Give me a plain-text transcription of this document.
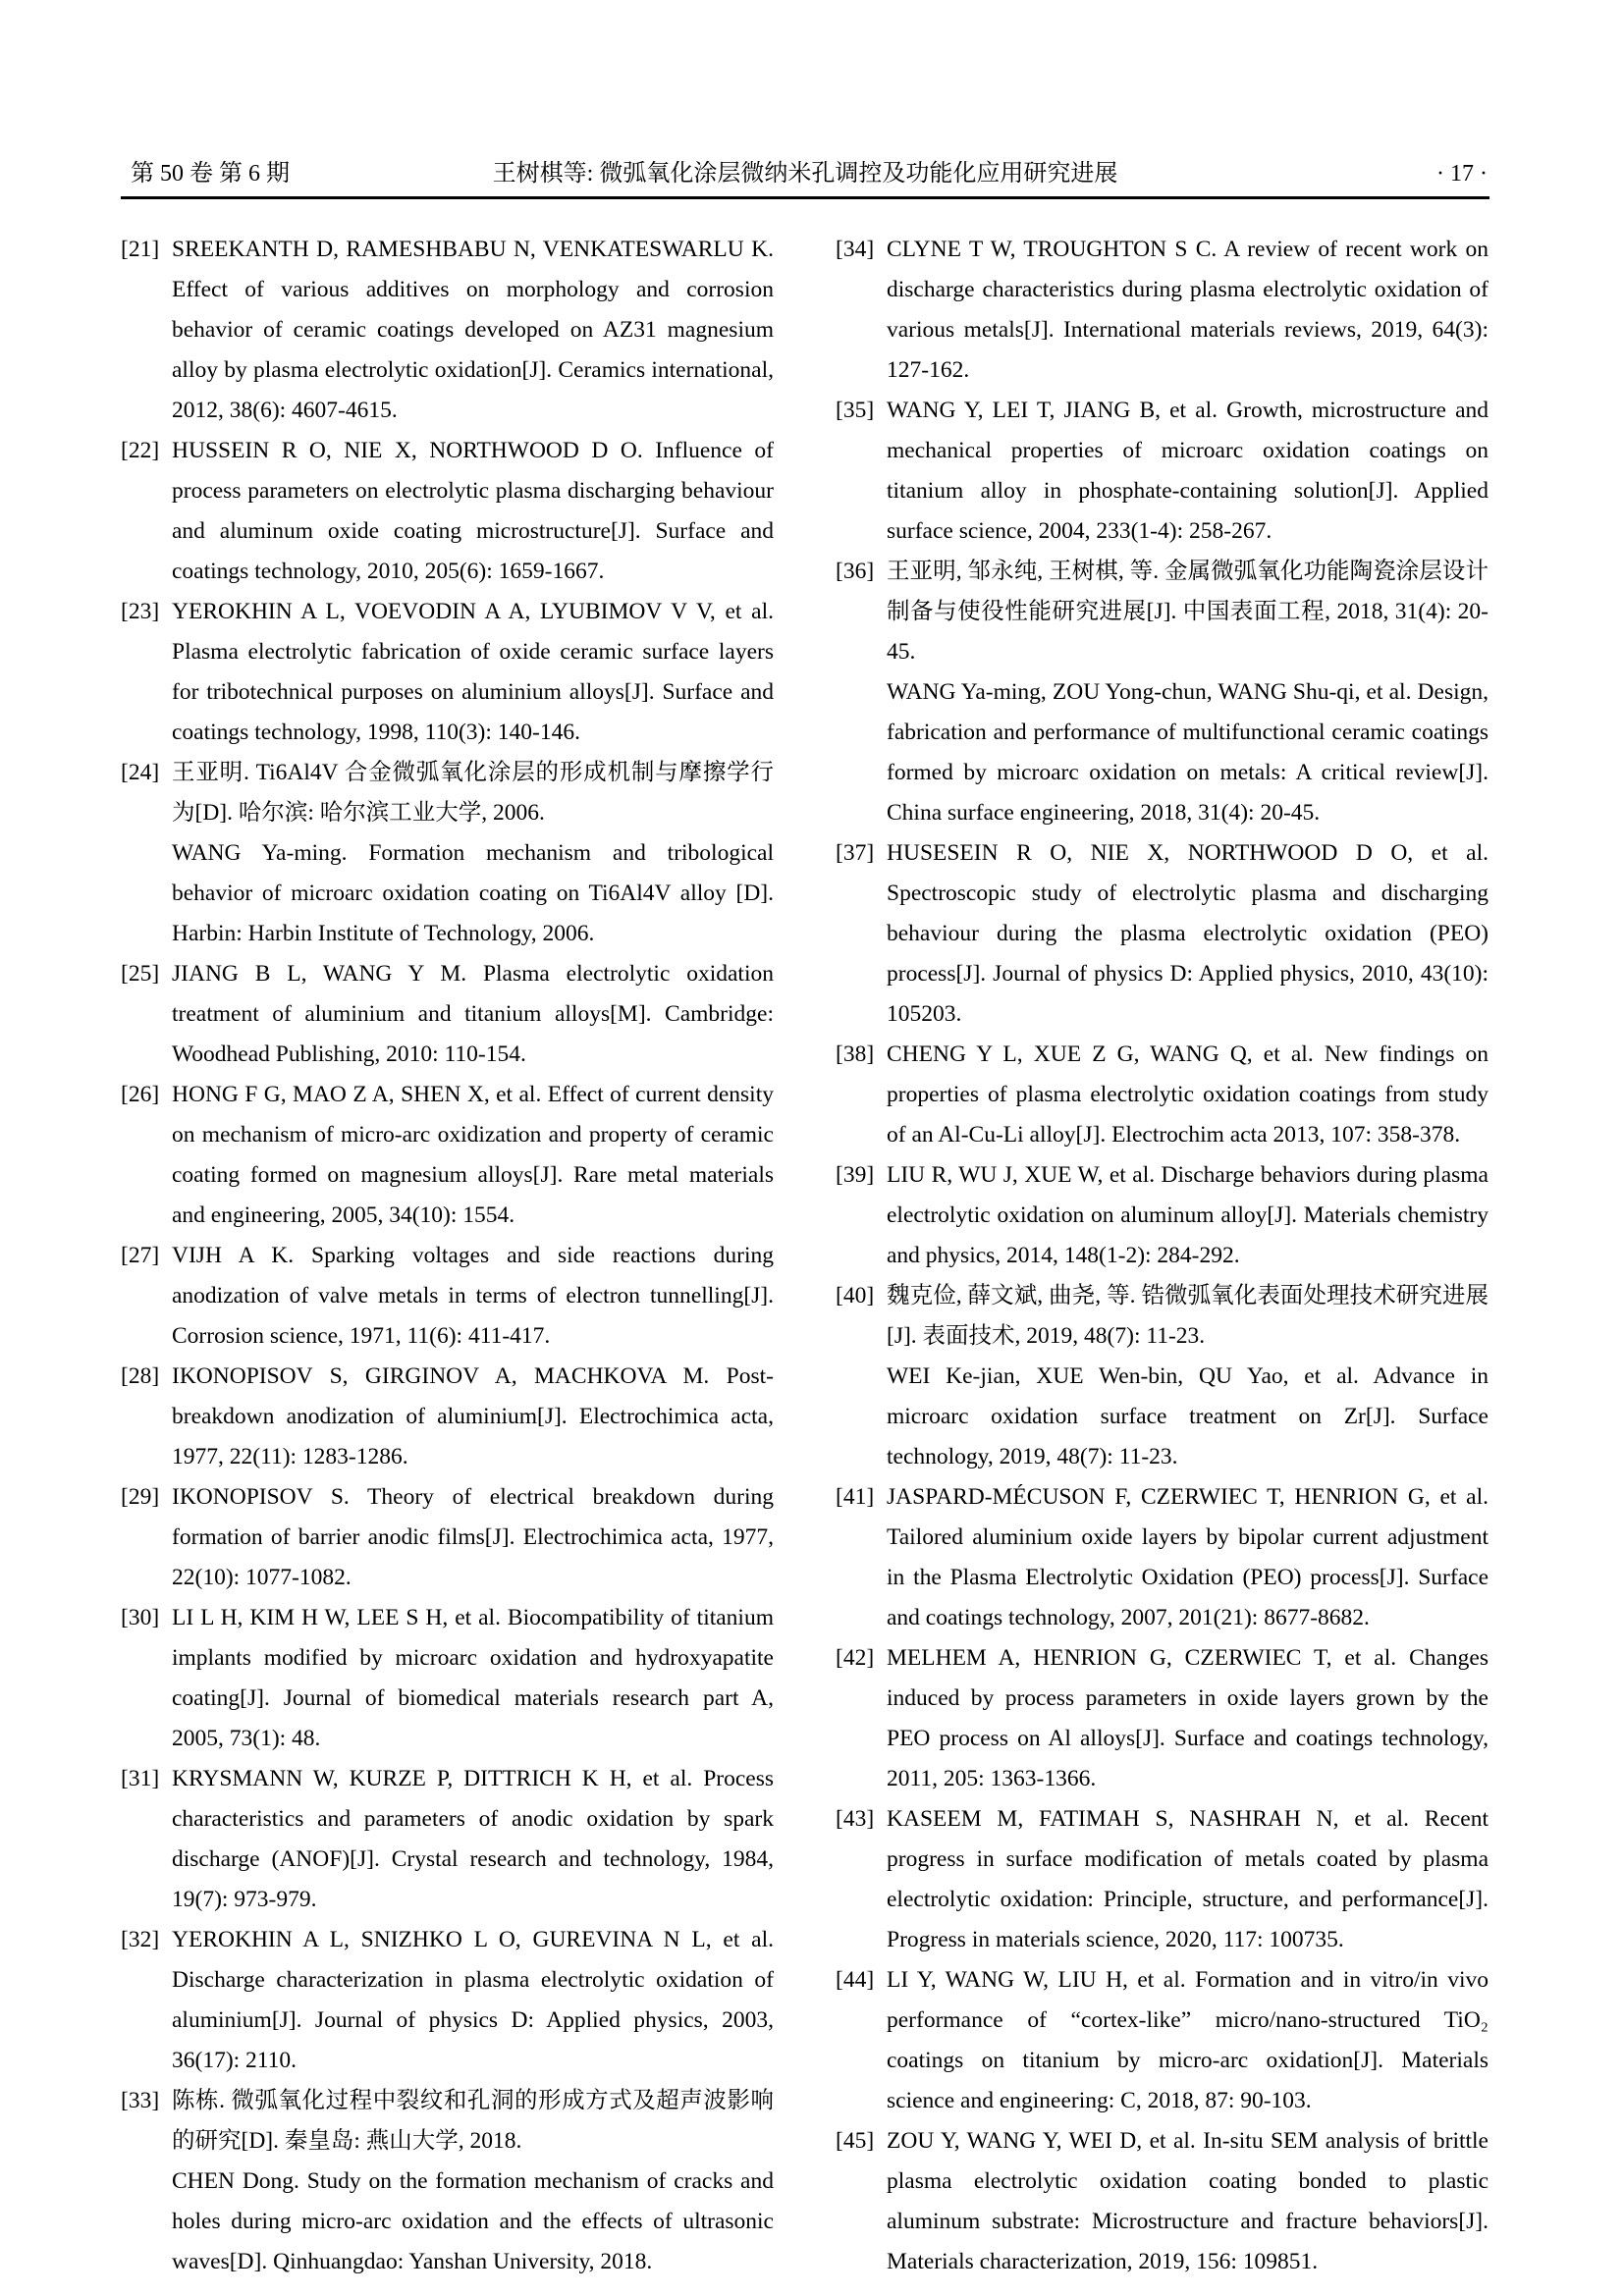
第 50 卷 第 6 期	王树棋等: 微弧氧化涂层微纳米孔调控及功能化应用研究进展	· 17 ·
[21] SREEKANTH D, RAMESHBABU N, VENKATESWARLU K. Effect of various additives on morphology and corrosion behavior of ceramic coatings developed on AZ31 magnesium alloy by plasma electrolytic oxidation[J]. Ceramics international, 2012, 38(6): 4607-4615.

[22] HUSSEIN R O, NIE X, NORTHWOOD D O. Influence of process parameters on electrolytic plasma discharging behaviour and aluminum oxide coating microstructure[J]. Surface and coatings technology, 2010, 205(6): 1659-1667.

[23] YEROKHIN A L, VOEVODIN A A, LYUBIMOV V V, et al. Plasma electrolytic fabrication of oxide ceramic surface layers for tribotechnical purposes on aluminium alloys[J]. Surface and coatings technology, 1998, 110(3): 140-146.

[24] 王亚明. Ti6Al4V 合金微弧氧化涂层的形成机制与摩擦学行为[D]. 哈尔滨: 哈尔滨工业大学, 2006.

WANG Ya-ming. Formation mechanism and tribological behavior of microarc oxidation coating on Ti6Al4V alloy [D]. Harbin: Harbin Institute of Technology, 2006.

[25] JIANG B L, WANG Y M. Plasma electrolytic oxidation treatment of aluminium and titanium alloys[M]. Cambridge: Woodhead Publishing, 2010: 110-154.

[26] HONG F G, MAO Z A, SHEN X, et al. Effect of current density on mechanism of micro-arc oxidization and property of ceramic coating formed on magnesium alloys[J]. Rare metal materials and engineering, 2005, 34(10): 1554.

[27] VIJH A K. Sparking voltages and side reactions during anodization of valve metals in terms of electron tunnelling[J]. Corrosion science, 1971, 11(6): 411-417.

[28] IKONOPISOV S, GIRGINOV A, MACHKOVA M. Post-breakdown anodization of aluminium[J]. Electrochimica acta, 1977, 22(11): 1283-1286.

[29] IKONOPISOV S. Theory of electrical breakdown during formation of barrier anodic films[J]. Electrochimica acta, 1977, 22(10): 1077-1082.

[30] LI L H, KIM H W, LEE S H, et al. Biocompatibility of titanium implants modified by microarc oxidation and hydroxyapatite coating[J]. Journal of biomedical materials research part A, 2005, 73(1): 48.

[31] KRYSMANN W, KURZE P, DITTRICH K H, et al. Process characteristics and parameters of anodic oxidation by spark discharge (ANOF)[J]. Crystal research and technology, 1984, 19(7): 973-979.

[32] YEROKHIN A L, SNIZHKO L O, GUREVINA N L, et al. Discharge characterization in plasma electrolytic oxidation of aluminium[J]. Journal of physics D: Applied physics, 2003, 36(17): 2110.

[33] 陈栋. 微弧氧化过程中裂纹和孔洞的形成方式及超声波影响的研究[D]. 秦皇岛: 燕山大学, 2018.

CHEN Dong. Study on the formation mechanism of cracks and holes during micro-arc oxidation and the effects of ultrasonic waves[D]. Qinhuangdao: Yanshan University, 2018.

[34] CLYNE T W, TROUGHTON S C. A review of recent work on discharge characteristics during plasma electrolytic oxidation of various metals[J]. International materials reviews, 2019, 64(3): 127-162.

[35] WANG Y, LEI T, JIANG B, et al. Growth, microstructure and mechanical properties of microarc oxidation coatings on titanium alloy in phosphate-containing solution[J]. Applied surface science, 2004, 233(1-4): 258-267.

[36] 王亚明, 邹永纯, 王树棋, 等. 金属微弧氧化功能陶瓷涂层设计制备与使役性能研究进展[J]. 中国表面工程, 2018, 31(4): 20-45.

WANG Ya-ming, ZOU Yong-chun, WANG Shu-qi, et al. Design, fabrication and performance of multifunctional ceramic coatings formed by microarc oxidation on metals: A critical review[J]. China surface engineering, 2018, 31(4): 20-45.

[37] HUSESEIN R O, NIE X, NORTHWOOD D O, et al. Spectroscopic study of electrolytic plasma and discharging behaviour during the plasma electrolytic oxidation (PEO) process[J]. Journal of physics D: Applied physics, 2010, 43(10): 105203.

[38] CHENG Y L, XUE Z G, WANG Q, et al. New findings on properties of plasma electrolytic oxidation coatings from study of an Al-Cu-Li alloy[J]. Electrochim acta 2013, 107: 358-378.

[39] LIU R, WU J, XUE W, et al. Discharge behaviors during plasma electrolytic oxidation on aluminum alloy[J]. Materials chemistry and physics, 2014, 148(1-2): 284-292.

[40] 魏克俭, 薛文斌, 曲尧, 等. 锆微弧氧化表面处理技术研究进展[J]. 表面技术, 2019, 48(7): 11-23.

WEI Ke-jian, XUE Wen-bin, QU Yao, et al. Advance in microarc oxidation surface treatment on Zr[J]. Surface technology, 2019, 48(7): 11-23.

[41] JASPARD-MÉCUSON F, CZERWIEC T, HENRION G, et al. Tailored aluminium oxide layers by bipolar current adjustment in the Plasma Electrolytic Oxidation (PEO) process[J]. Surface and coatings technology, 2007, 201(21): 8677-8682.

[42] MELHEM A, HENRION G, CZERWIEC T, et al. Changes induced by process parameters in oxide layers grown by the PEO process on Al alloys[J]. Surface and coatings technology, 2011, 205: 1363-1366.

[43] KASEEM M, FATIMAH S, NASHRAH N, et al. Recent progress in surface modification of metals coated by plasma electrolytic oxidation: Principle, structure, and performance[J]. Progress in materials science, 2020, 117: 100735.

[44] LI Y, WANG W, LIU H, et al. Formation and in vitro/in vivo performance of “cortex-like” micro/nano-structured TiO₂ coatings on titanium by micro-arc oxidation[J]. Materials science and engineering: C, 2018, 87: 90-103.

[45] ZOU Y, WANG Y, WEI D, et al. In-situ SEM analysis of brittle plasma electrolytic oxidation coating bonded to plastic aluminum substrate: Microstructure and fracture behaviors[J]. Materials characterization, 2019, 156: 109851.
